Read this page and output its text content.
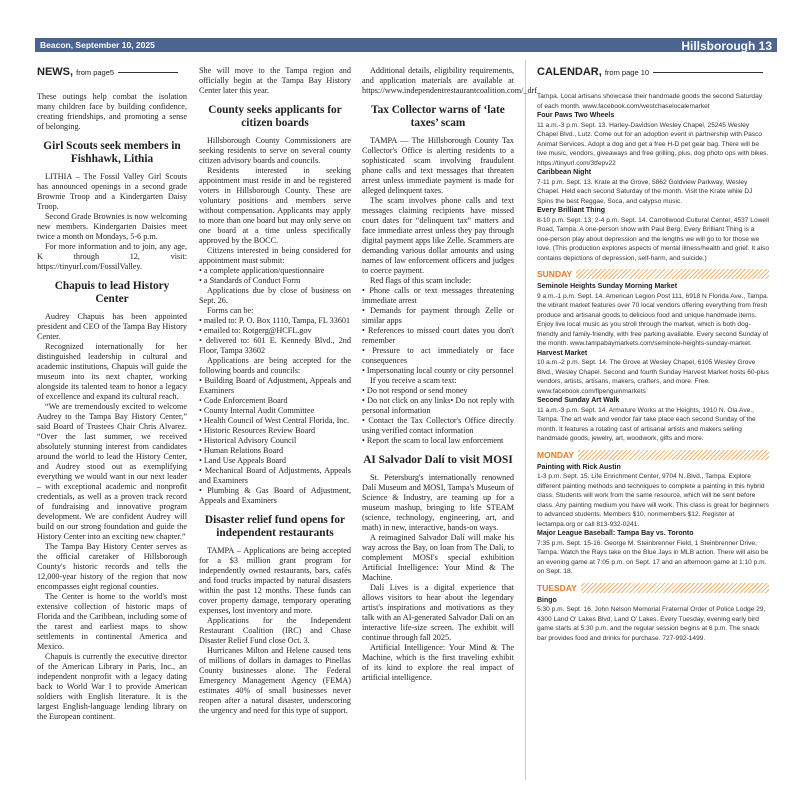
Beacon, September 10, 2025	Hillsborough 13
NEWS, from page5

These outings help combat the isolation many children face by building confidence, creating friendships, and promoting a sense of belonging.

Girl Scouts seek members in Fishhawk, Lithia

LITHIA – The Fossil Valley Girl Scouts has announced openings in a second grade Brownie Troop and a Kindergarten Daisy Troop.

Second Grade Brownies is now welcoming new members. Kindergarten Daisies meet twice a month on Mondays, 5-6 p.m.

For more information and to join, any age, K through 12, visit: https://tinyurl.com/FossilValley.

Chapuis to lead History Center

Audrey Chapuis has been appointed president and CEO of the Tampa Bay History Center.

Recognized internationally for her distinguished leadership in cultural and academic institutions, Chapuis will guide the museum into its next chapter, working alongside its talented team to honor a legacy of excellence and expand its cultural reach.

“We are tremendously excited to welcome Audrey to the Tampa Bay History Center,” said Board of Trustees Chair Chris Alvarez. “Over the last summer, we received absolutely stunning interest from candidates around the world to lead the History Center, and Audrey stood out as exemplifying everything we would want in our next leader – with exceptional academic and nonprofit credentials, as well as a proven track record of fundraising and innovative program development. We are confident Audrey will build on our strong foundation and guide the History Center into an exciting new chapter.”

The Tampa Bay History Center serves as the official caretaker of Hillsborough County's historic records and tells the 12,000-year history of the region that now encompasses eight regional counties.

The Center is home to the world's most extensive collection of historic maps of Florida and the Caribbean, including some of the rarest and earliest maps to show settlements in continental America and Mexico.

Chapuis is currently the executive director of the American Library in Paris, Inc., an independent nonprofit with a legacy dating back to World War I to provide American soldiers with English literature. It is the largest English-language lending library on the European continent.

She will move to the Tampa region and officially begin at the Tampa Bay History Center later this year.

County seeks applicants for citizen boards

Hillsborough County Commissioners are seeking residents to serve on several county citizen advisory boards and councils.

Residents interested in seeking appointment must reside in and be registered voters in Hillsborough County. These are voluntary positions and members serve without compensation. Applicants may apply to more than one board but may only serve on one board at a time unless specifically approved by the BOCC.

Citizens interested in being considered for appointment must submit:

• a complete application/questionnaire

• a Standards of Conduct Form

Applications due by close of business on Sept. 26.

Forms can be:

• mailed to: P. O. Box 1110, Tampa, FL 33601

• emailed to: Rotgerg@HCFL.gov

• delivered to: 601 E. Kennedy Blvd., 2nd Floor, Tampa 33602

Applications are being accepted for the following boards and councils:

• Building Board of Adjustment, Appeals and Examiners

• Code Enforcement Board

• County Internal Audit Committee

• Health Council of West Central Florida, Inc.

• Historic Resources Review Board

• Historical Advisory Council

• Human Relations Board

• Land Use Appeals Board

• Mechanical Board of Adjustments, Appeals and Examiners

• Plumbing & Gas Board of Adjustment, Appeals and Examiners

Disaster relief fund opens for independent restaurants

TAMPA – Applications are being accepted for a $3 million grant program for independently owned restaurants, bars, cafés and food trucks impacted by natural disasters within the past 12 months. These funds can cover property damage, temporary operating expenses, lost inventory and more.

Applications for the Independent Restaurant Coalition (IRC) and Chase Disaster Relief Fund close Oct. 3.

Hurricanes Milton and Helene caused tens of millions of dollars in damages to Pinellas County businesses alone. The Federal Emergency Management Agency (FEMA) estimates 40% of small businesses never reopen after a natural disaster, underscoring the urgency and need for this type of support.

Additional details, eligibility requirements, and application materials are available at https://www.independentrestaurantcoalition.com/_drf

Tax Collector warns of ‘late taxes’ scam

TAMPA — The Hillsborough County Tax Collector's Office is alerting residents to a sophisticated scam involving fraudulent phone calls and text messages that threaten arrest unless immediate payment is made for alleged delinquent taxes.

The scam involves phone calls and text messages claiming recipients have missed court dates for “delinquent tax” matters and face immediate arrest unless they pay through digital payment apps like Zelle. Scammers are demanding various dollar amounts and using names of law enforcement officers and judges to coerce payment.

Red flags of this scam include:

• Phone calls or text messages threatening immediate arrest

• Demands for payment through Zelle or similar apps

• References to missed court dates you don't remember

• Pressure to act immediately or face consequences

• Impersonating local county or city personnel

If you receive a scam text:

• Do not respond or send money

• Do not click on any links• Do not reply with personal information

• Contact the Tax Collector's Office directly using verified contact information

• Report the scam to local law enforcement

AI Salvador Dalí to visit MOSI

St. Petersburg's internationally renowned Dalí Museum and MOSI, Tampa's Museum of Science & Industry, are teaming up for a museum mashup, bringing to life STEAM (science, technology, engineering, art, and math) in new, interactive, hands-on ways.

A reimagined Salvador Dalí will make his way across the Bay, on loan from The Dalí, to complement MOSI's special exhibition Artificial Intelligence: Your Mind & The Machine.

Dalí Lives is a digital experience that allows visitors to hear about the legendary artist's inspirations and motivations as they talk with an AI-generated Salvador Dalí on an interactive life-size screen. The exhibit will continue through fall 2025.

Artificial Intelligence: Your Mind & The Machine, which is the first traveling exhibit of its kind to explore the real impact of artificial intelligence.

CALENDAR, from page 10

Tampa. Local artisans showcase their handmade goods the second Saturday of each month. www.facebook.com/westchaselocalemarket

Four Paws Two Wheels

11 a.m.-3 p.m. Sept. 13. Harley-Davidson Wesley Chapel, 25245 Wesley Chapel Blvd., Lutz. Come out for an adoption event in partnership with Pasco Animal Services. Adopt a dog and get a free H-D pet gear bag. There will be live music, vendors, giveaways and free grilling, plus, dog photo ops with bikes. https://tinyurl.com/3tfepv22

Caribbean Night

7-11 p.m. Sept. 13. Krate at the Grove, 5862 Goldview Parkway, Wesley Chapel. Held each second Saturday of the month. Visit the Krate while DJ Spins the best Reggae, Soca, and calypso music.

Every Brilliant Thing

8-10 p.m. Sept. 13; 2-4 p.m. Sept. 14. Carrollwood Cultural Center, 4537 Lowell Road, Tampa. A one-person show with Paul Berg. Every Brilliant Thing is a one-person play about depression and the lengths we will go to for those we love. (This production explores aspects of mental illness/health and grief. It also contains depictions of depression, self-harm, and suicide.)

SUNDAY

Seminole Heights Sunday Morning Market

9 a.m.-1 p.m. Sept. 14. American Legion Post 111, 6918 N Florida Ave., Tampa. the vibrant market features over 70 local vendors offering everything from fresh produce and artisanal goods to delicious food and unique handmade items. Enjoy live local music as you stroll through the market, which is both dog-friendly and family-friendly, with free parking available. Every second Sunday of the month. www.tampabaymarkets.com/seminole-heights-sunday-market.

Harvest Market

10 a.m.-2 p.m. Sept. 14. The Grove at Wesley Chapel, 6105 Wesley Grove Blvd., Wesley Chapel. Second and fourth Sunday Harvest Market hosts 60-plus vendors, artists, artisans, makers, crafters, and more. Free. www.facebook.com/flpenguinmarkets

Second Sunday Art Walk

11 a.m.-3 p.m. Sept. 14. Armature Works at the Heights, 1910 N. Ola Ave., Tampa. The art walk and vendor fair take place each second Sunday of the month. It features a rotating cast of artisanal artists and makers selling handmade goods, jewelry, art, woodwork, gifts and more.

MONDAY

Painting with Rick Austin

1-3 p.m. Sept. 15. Life Enrichment Center, 9704 N. Blvd., Tampa. Explore different painting methods and techniques to complete a painting in this hybrid class. Students will work from the same resource, which will be sent before class. Any painting medium you have will work. This class is great for beginners to advanced students. Members $10, nonmembers $12. Register at lectampa.org or call 813-932-0241.

Major League Baseball: Tampa Bay vs. Toronto

7:35 p.m. Sept. 15-16. George M. Steinbrenner Field, 1 Steinbrenner Drive, Tampa. Watch the Rays take on the Blue Jays in MLB action. There will also be an evening game at 7:05 p.m. on Sept. 17 and an afternoon game at 1:10 p.m. on Sept. 18.

TUESDAY

Bingo

5:30 p.m. Sept. 16. John Nelson Memorial Fraternal Order of Police Lodge 29, 4300 Land O' Lakes Blvd, Land O' Lakes. Every Tuesday, evening early bird game starts at 5:30 p.m. and the regular session begins at 6 p.m. The snack bar provides food and drinks for purchase. 727-992-1499.
